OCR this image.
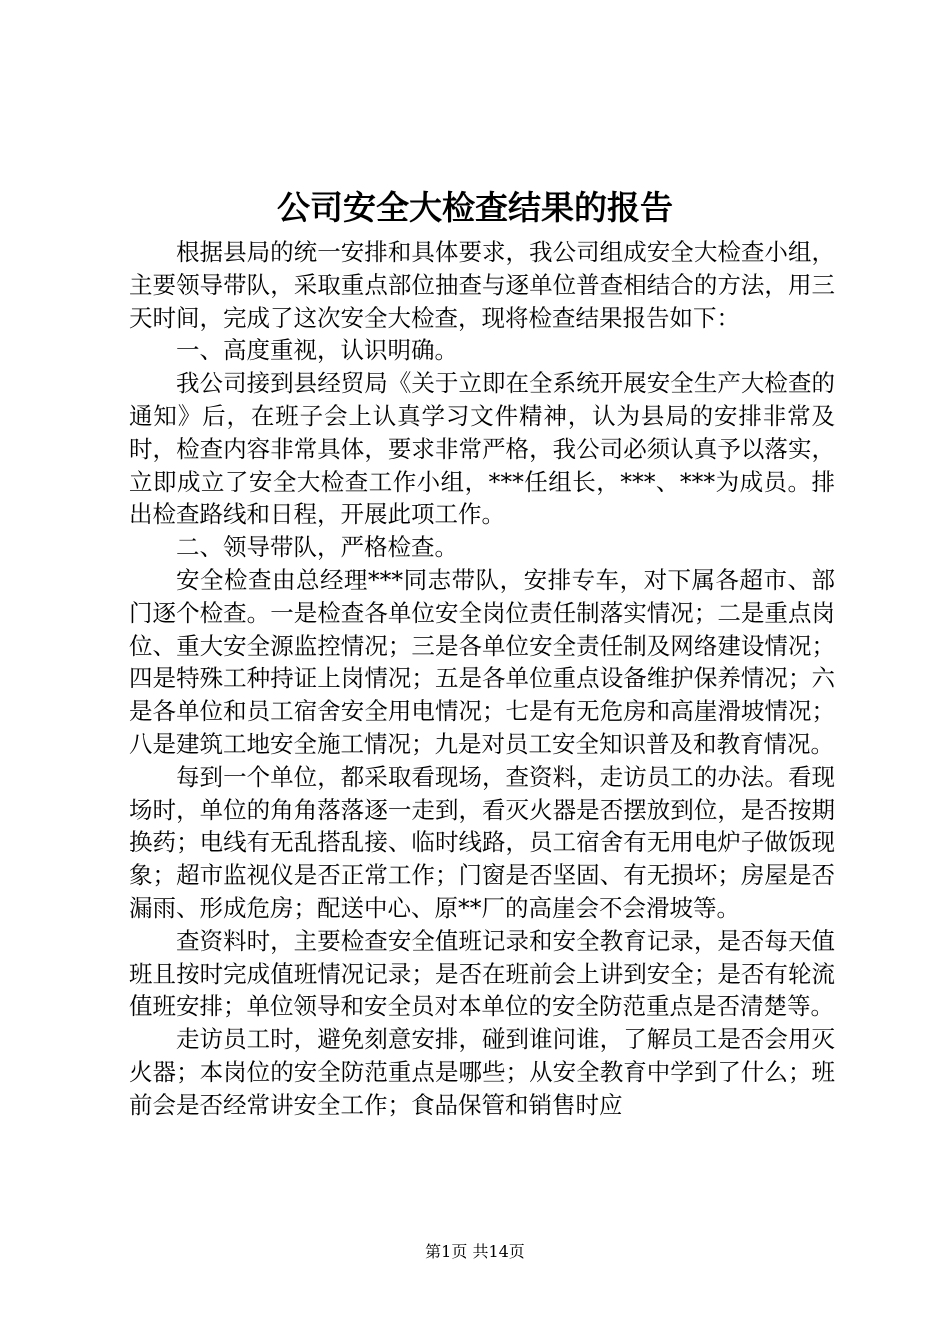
公司安全大检查结果的报告

根据县局的统一安排和具体要求，我公司组成安全大检查小组，主要领导带队，采取重点部位抽查与逐单位普查相结合的方法，用三天时间，完成了这次安全大检查，现将检查结果报告如下：

一、高度重视，认识明确。

我公司接到县经贸局《关于立即在全系统开展安全生产大检查的通知》后，在班子会上认真学习文件精神，认为县局的安排非常及时，检查内容非常具体，要求非常严格，我公司必须认真予以落实，立即成立了安全大检查工作小组，***任组长，***、***为成员。排出检查路线和日程，开展此项工作。

二、领导带队，严格检查。

安全检查由总经理***同志带队，安排专车，对下属各超市、部门逐个检查。一是检查各单位安全岗位责任制落实情况；二是重点岗位、重大安全源监控情况；三是各单位安全责任制及网络建设情况；四是特殊工种持证上岗情况；五是各单位重点设备维护保养情况；六是各单位和员工宿舍安全用电情况；七是有无危房和高崖滑坡情况；八是建筑工地安全施工情况；九是对员工安全知识普及和教育情况。

每到一个单位，都采取看现场，查资料，走访员工的办法。看现场时，单位的角角落落逐一走到，看灭火器是否摆放到位，是否按期换药；电线有无乱搭乱接、临时线路，员工宿舍有无用电炉子做饭现象；超市监视仪是否正常工作；门窗是否坚固、有无损坏；房屋是否漏雨、形成危房；配送中心、原**厂的高崖会不会滑坡等。

查资料时，主要检查安全值班记录和安全教育记录，是否每天值班且按时完成值班情况记录；是否在班前会上讲到安全；是否有轮流值班安排；单位领导和安全员对本单位的安全防范重点是否清楚等。

走访员工时，避免刻意安排，碰到谁问谁，了解员工是否会用灭火器；本岗位的安全防范重点是哪些；从安全教育中学到了什么；班前会是否经常讲安全工作；食品保管和销售时应

第1页 共14页
